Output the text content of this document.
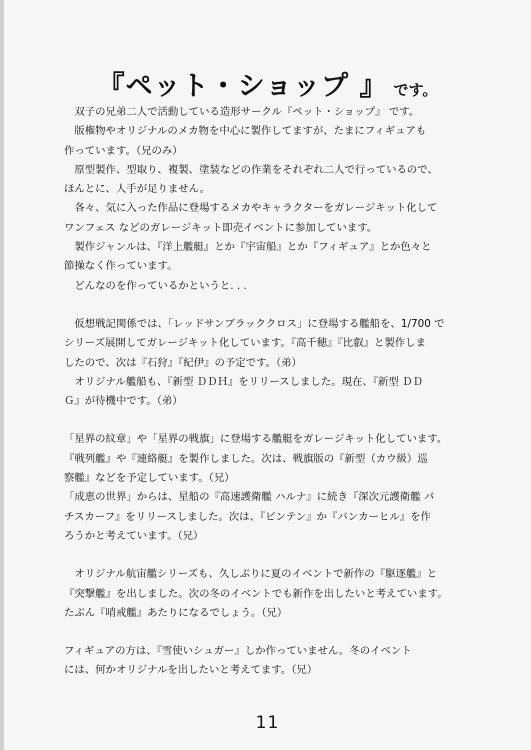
『ペット・ショップ 』 です。
　双子の兄弟二人で活動している造形サークル『ペット・ショップ』 です。
　版権物やオリジナルのメカ物を中心に製作してますが、たまにフィギュアも
作っています。（兄のみ）
　原型製作、型取り、複製、塗装などの作業をそれぞれ二人で行っているので、
ほんとに、人手が足りません。
　各々、気に入った作品に登場するメカやキャラクターをガレージキット化して
ワンフェス などのガレージキット即売イベントに参加しています。
　製作ジャンルは、『洋上艦艇』とか『宇宙船』とか『フィギュア』とか色々と
節操なく作っています。
　どんなのを作っているかというと. . .
　仮想戦記関係では、「レッドサンブラッククロス」に登場する艦船を、1/700 で
シリーズ展開してガレージキット化しています。『高千穂』『比叡』と製作しま
したので、次は『石狩』『紀伊』の予定です。（弟）
　オリジナル艦船も、『新型 ＤＤＨ』をリリースしました。現在、『新型 ＤＤ
Ｇ』が待機中です。（弟）
「星界の紋章」や「星界の戦旗」に登場する艦艇をガレージキット化しています。
『戦列艦』や『連絡艇』を製作しました。次は、戦旗版の『新型（カウ級）巡
察艦』などを予定しています。（兄）
「成恵の世界」からは、星船の『高速護衛艦 ハルナ』に続き『深次元護衛艦 パ
チスカーフ』をリリースしました。次は、『ビンテン』か『バンカーヒル』を作
ろうかと考えています。（兄）
　オリジナル航宙艦シリーズも、久しぶりに夏のイベントで新作の『駆逐艦』と
『突撃艦』を出しました。次の冬のイベントでも新作を出したいと考えています。
たぶん『哨戒艦』あたりになるでしょう。（兄）
フィギュアの方は、『雪使いシュガー』しか作っていません。冬のイベント
には、何かオリジナルを出したいと考えてます。（兄）
11
